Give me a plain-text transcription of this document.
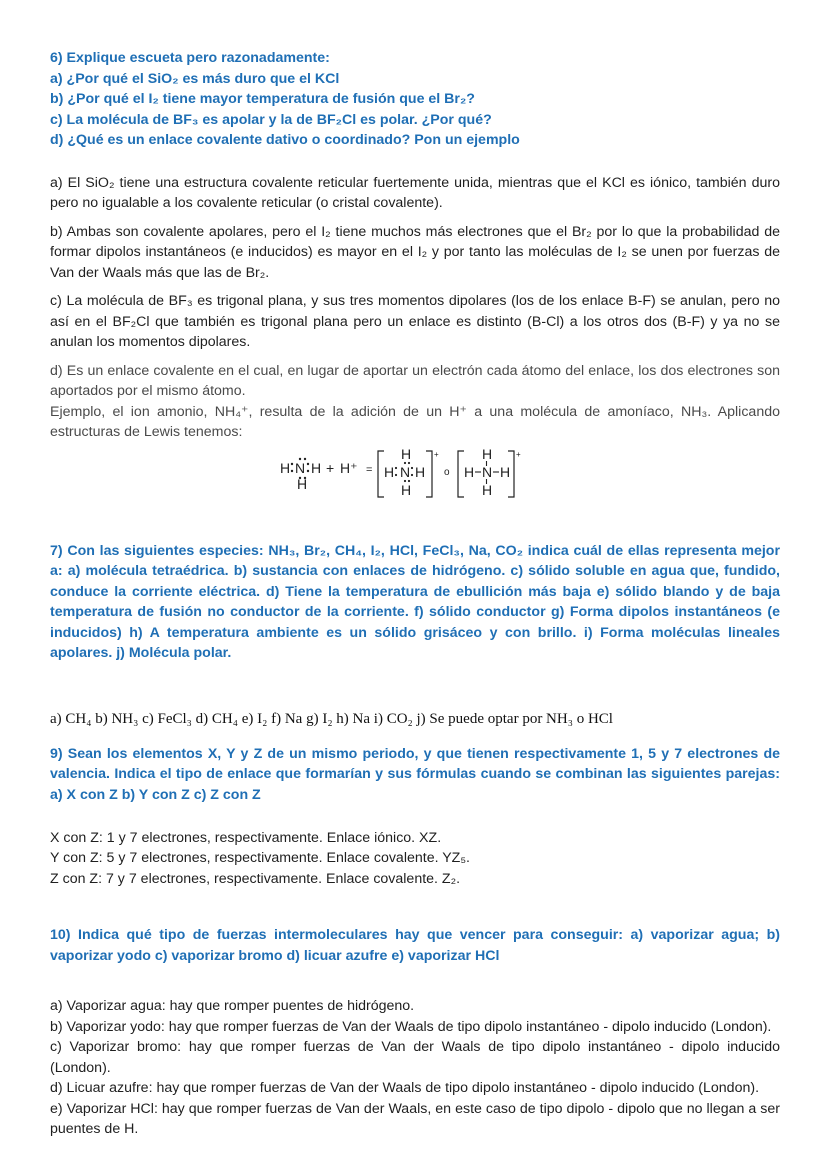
6) Explique escueta pero razonadamente:
a) ¿Por qué el SiO₂ es más duro que el KCl
b) ¿Por qué el I₂ tiene mayor temperatura de fusión que el Br₂?
c) La molécula de BF₃ es apolar y la de BF₂Cl es polar. ¿Por qué?
d) ¿Qué es un enlace covalente dativo o coordinado? Pon un ejemplo

a) El SiO₂ tiene una estructura covalente reticular fuertemente unida, mientras que el KCl es iónico, también duro pero no igualable a los covalente reticular (o cristal covalente).

b) Ambas son covalente apolares, pero el I₂ tiene muchos más electrones que el Br₂ por lo que la probabilidad de formar dipolos instantáneos (e inducidos) es mayor en el I₂ y por tanto las moléculas de I₂ se unen por fuerzas de Van der Waals más que las de Br₂.

c) La molécula de BF₃ es trigonal plana, y sus tres momentos dipolares (los de los enlace B-F) se anulan, pero no así en el BF₂Cl que también es trigonal plana pero un enlace es distinto (B-Cl) a los otros dos (B-F) y ya no se anulan los momentos dipolares.

d) Es un enlace covalente en el cual, en lugar de aportar un electrón cada átomo del enlace, los dos electrones son aportados por el mismo átomo.

Ejemplo, el ion amonio, NH₄⁺, resulta de la adición de un H⁺ a una molécula de amoníaco, NH₃. Aplicando estructuras de Lewis tenemos:

H N H
H
+ H⁺ =
H
H N H
H
+
o
H
H N H
H
+

7) Con las siguientes especies: NH₃, Br₂, CH₄, I₂, HCl, FeCl₃, Na, CO₂ indica cuál de ellas representa mejor a: a) molécula tetraédrica. b) sustancia con enlaces de hidrógeno. c) sólido soluble en agua que, fundido, conduce la corriente eléctrica. d) Tiene la temperatura de ebullición más baja e) sólido blando y de baja temperatura de fusión no conductor de la corriente. f) sólido conductor g) Forma dipolos instantáneos (e inducidos) h) A temperatura ambiente es un sólido grisáceo y con brillo. i) Forma moléculas lineales apolares. j) Molécula polar.

a) CH₄ b) NH₃ c) FeCl₃ d) CH₄ e) I₂ f) Na g) I₂ h) Na i) CO₂ j) Se puede optar por NH₃ o HCl

9) Sean los elementos X, Y y Z de un mismo periodo, y que tienen respectivamente 1, 5 y 7 electrones de valencia. Indica el tipo de enlace que formarían y sus fórmulas cuando se combinan las siguientes parejas: a) X con Z b) Y con Z c) Z con Z

X con Z: 1 y 7 electrones, respectivamente. Enlace iónico. XZ.

Y con Z: 5 y 7 electrones, respectivamente. Enlace covalente. YZ₅.

Z con Z: 7 y 7 electrones, respectivamente. Enlace covalente. Z₂.

10) Indica qué tipo de fuerzas intermoleculares hay que vencer para conseguir: a) vaporizar agua; b) vaporizar yodo c) vaporizar bromo d) licuar azufre e) vaporizar HCl

a) Vaporizar agua: hay que romper puentes de hidrógeno.

b) Vaporizar yodo: hay que romper fuerzas de Van der Waals de tipo dipolo instantáneo - dipolo inducido (London).

c) Vaporizar bromo: hay que romper fuerzas de Van der Waals de tipo dipolo instantáneo - dipolo inducido (London).

d) Licuar azufre: hay que romper fuerzas de Van der Waals de tipo dipolo instantáneo - dipolo inducido (London).

e) Vaporizar HCl: hay que romper fuerzas de Van der Waals, en este caso de tipo dipolo - dipolo que no llegan a ser puentes de H.
